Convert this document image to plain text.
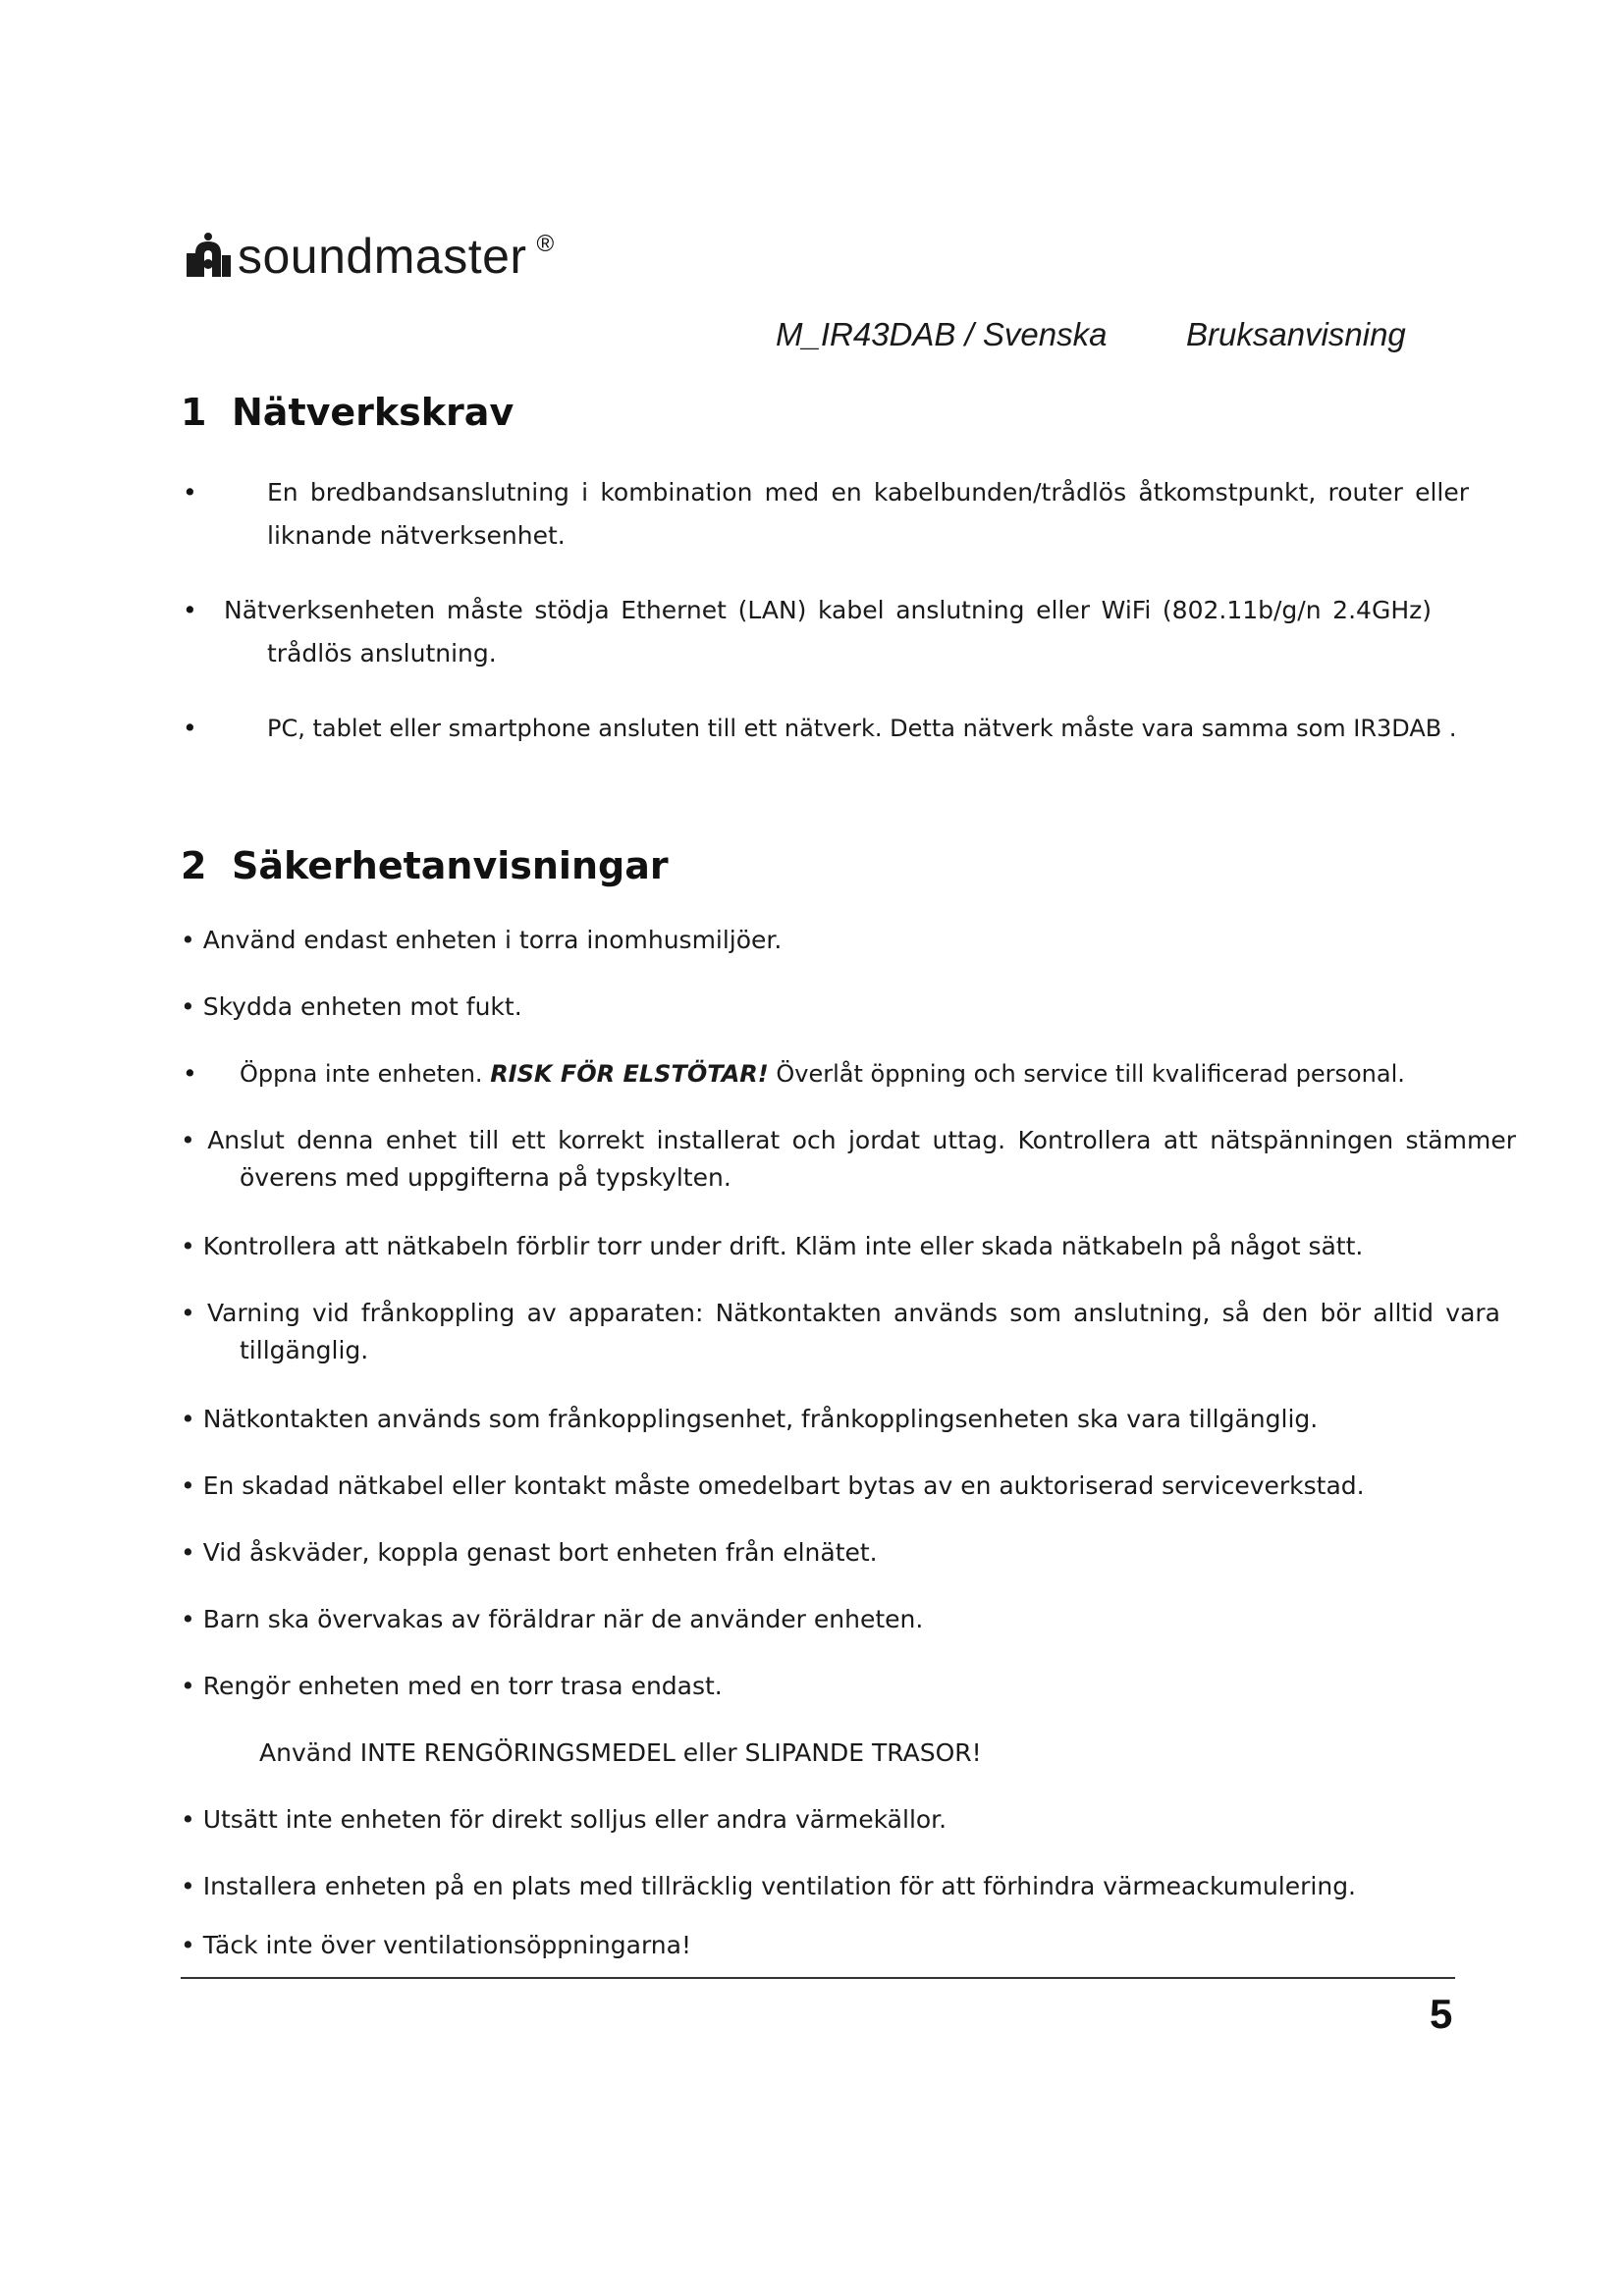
soundmaster ®
M_IR43DAB / Svenska Bruksanvisning
1 Nätverkskrav
•	En bredbandsanslutning i kombination med en kabelbunden/trådlös åtkomstpunkt, router eller
liknande nätverksenhet.
• Nätverksenheten måste stödja Ethernet (LAN) kabel anslutning eller WiFi (802.11b/g/n 2.4GHz)
trådlös anslutning.
•	PC, tablet eller smartphone ansluten till ett nätverk. Detta nätverk måste vara samma som IR3DAB .
2 Säkerhetanvisningar
• Använd endast enheten i torra inomhusmiljöer.
• Skydda enheten mot fukt.
• Öppna inte enheten. RISK FÖR ELSTÖTAR! Överlåt öppning och service till kvalificerad personal.
• Anslut denna enhet till ett korrekt installerat och jordat uttag. Kontrollera att nätspänningen stämmer
överens med uppgifterna på typskylten.
• Kontrollera att nätkabeln förblir torr under drift. Kläm inte eller skada nätkabeln på något sätt.
• Varning vid frånkoppling av apparaten: Nätkontakten används som anslutning, så den bör alltid vara
tillgänglig.
• Nätkontakten används som frånkopplingsenhet, frånkopplingsenheten ska vara tillgänglig.
• En skadad nätkabel eller kontakt måste omedelbart bytas av en auktoriserad serviceverkstad.
• Vid åskväder, koppla genast bort enheten från elnätet.
• Barn ska övervakas av föräldrar när de använder enheten.
• Rengör enheten med en torr trasa endast.
Använd INTE RENGÖRINGSMEDEL eller SLIPANDE TRASOR!
• Utsätt inte enheten för direkt solljus eller andra värmekällor.
• Installera enheten på en plats med tillräcklig ventilation för att förhindra värmeackumulering.
• Täck inte över ventilationsöppningarna!
5
